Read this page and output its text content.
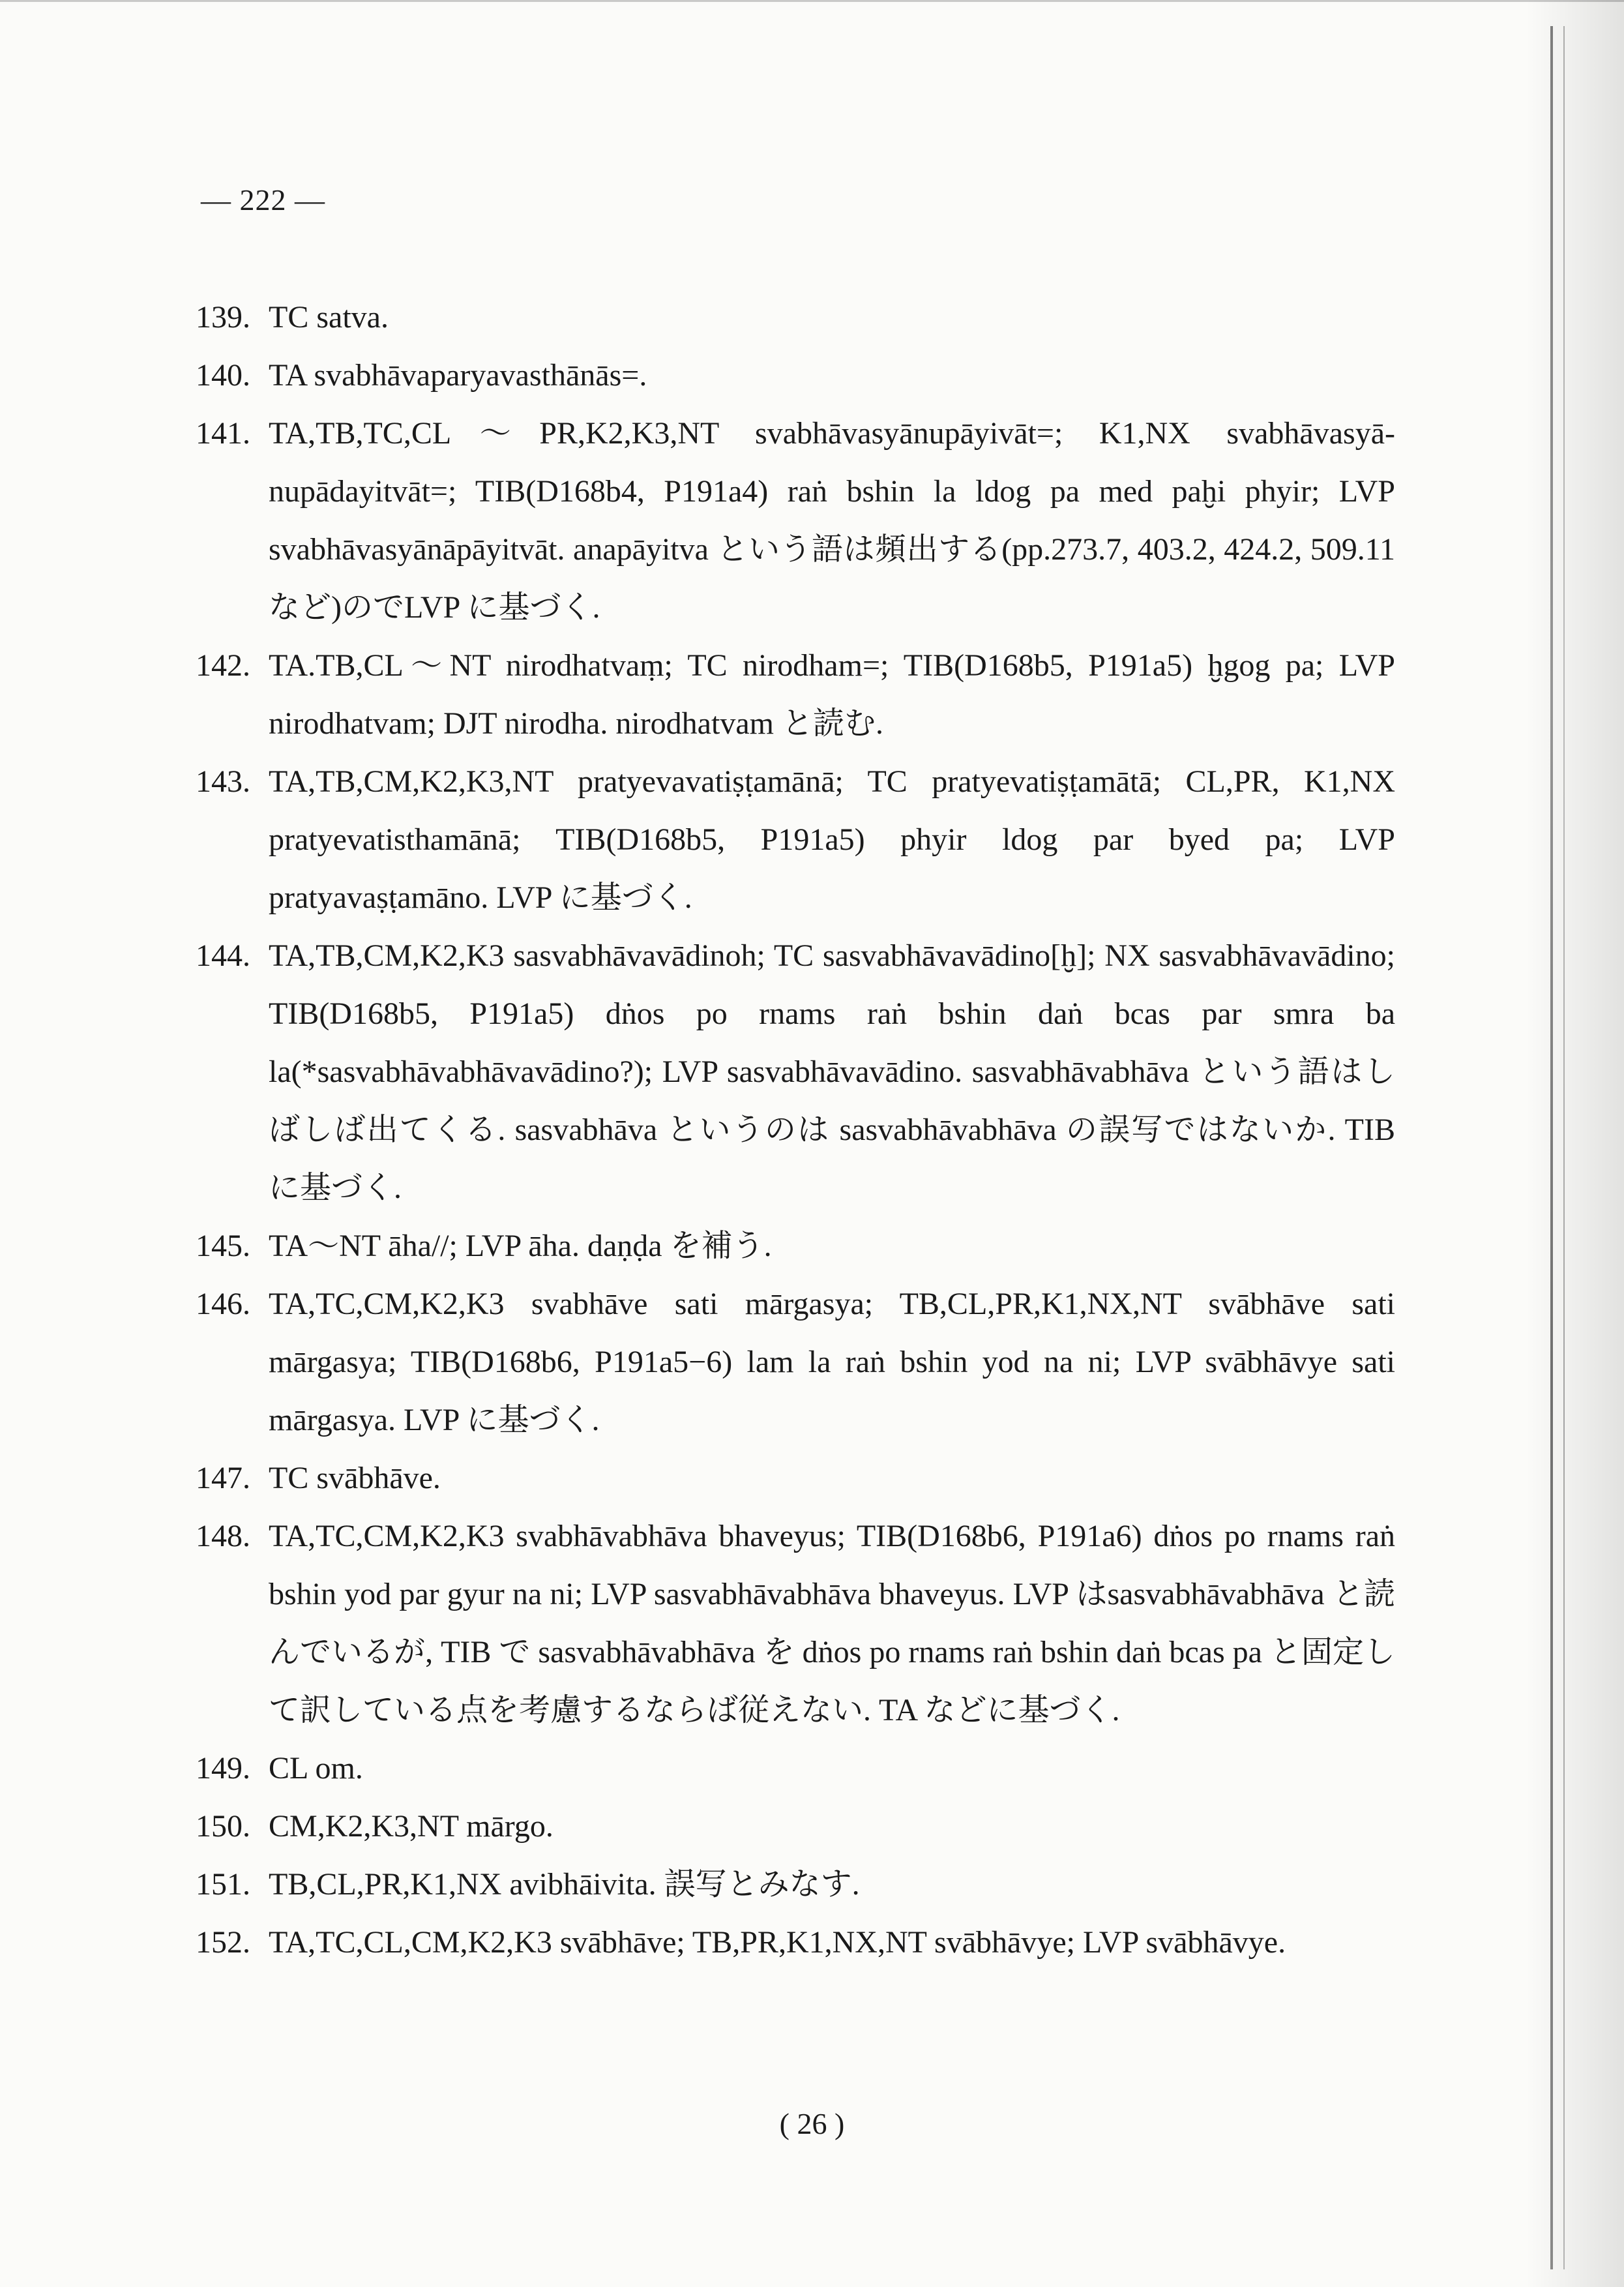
— 222 —
139. TC satva.
140. TA svabhāvaparyavasthānās=.
141. TA,TB,TC,CL〜PR,K2,K3,NT svabhāvasyānupāyivāt=; K1,NX svabhāvasyānupādayitvāt=; TIB(D168b4, P191a4) raṅ bshin la ldog pa med paḫi phyir; LVP svabhāvasyānāpāyitvāt. anapāyitva という語は頻出する(pp.273.7, 403.2, 424.2, 509.11など)のでLVP に基づく.
142. TA.TB,CL〜NT nirodhatvaṃ; TC nirodham=; TIB(D168b5, P191a5) ḫgog pa; LVP nirodhatvam; DJT nirodha. nirodhatvam と読む.
143. TA,TB,CM,K2,K3,NT pratyevavatiṣṭamānā; TC pratyevatiṣṭamātā; CL,PR, K1,NX pratyevatisthamānā; TIB(D168b5, P191a5) phyir ldog par byed pa; LVP pratyavaṣṭamāno. LVP に基づく.
144. TA,TB,CM,K2,K3 sasvabhāvavādinoh; TC sasvabhāvavādino[ḫ]; NX sasvabhāvavādino; TIB(D168b5, P191a5) dṅos po rnams raṅ bshin daṅ bcas par smra ba la(*sasvabhāvabhāvavādino?); LVP sasvabhāvavādino. sasvabhāvabhāva という語はしばしば出てくる. sasvabhāva というのは sasvabhāvabhāva の誤写ではないか. TIB に基づく.
145. TA〜NT āha//; LVP āha. daṇḍa を補う.
146. TA,TC,CM,K2,K3 svabhāve sati mārgasya; TB,CL,PR,K1,NX,NT svābhāve sati mārgasya; TIB(D168b6, P191a5−6) lam la raṅ bshin yod na ni; LVP svābhāvye sati mārgasya. LVP に基づく.
147. TC svābhāve.
148. TA,TC,CM,K2,K3 svabhāvabhāva bhaveyus; TIB(D168b6, P191a6) dṅos po rnams raṅ bshin yod par gyur na ni; LVP sasvabhāvabhāva bhaveyus. LVP はsasvabhāvabhāva と読んでいるが, TIB で sasvabhāvabhāva を dṅos po rnams raṅ bshin daṅ bcas pa と固定して訳している点を考慮するならば従えない. TA などに基づく.
149. CL om.
150. CM,K2,K3,NT mārgo.
151. TB,CL,PR,K1,NX avibhāivita. 誤写とみなす.
152. TA,TC,CL,CM,K2,K3 svābhāve; TB,PR,K1,NX,NT svābhāvye; LVP svābhāvye.
( 26 )
